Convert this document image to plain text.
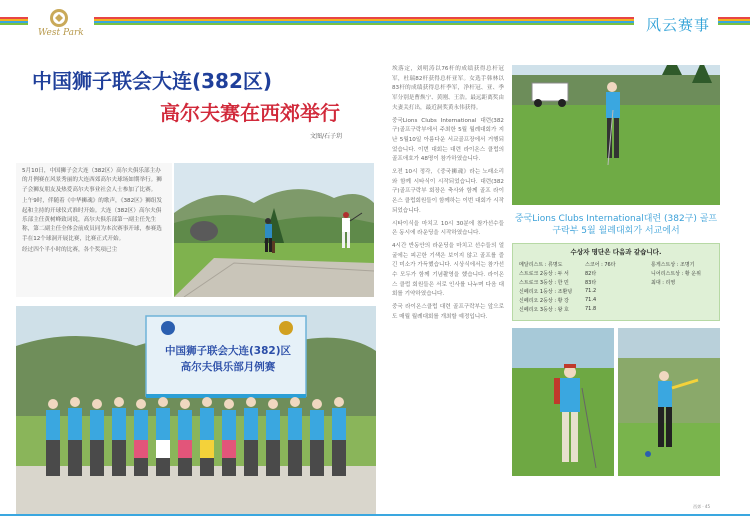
West Park	风云赛事
中国狮子联会大连(382区)
高尔夫赛在西郊举行
文图/石子玥

5月10日，中国狮子会大连（382区）高尔夫俱乐部主办的月例赛在风景秀丽的大连西郊高尔夫球场如期举行。狮子会狮友朋友及热爱高尔夫事业社会人士参加了比赛。

上午9时，伴随着《中华狮魂》的歌声，《382区》狮组发起和主持的开球仪式准时开始。大连（382区）高尔夫俱乐部主任黄树峰致词说，高尔夫俱乐部第一副主任先生称，第二副主任全体会前成员同为本次赛事开球，参赛选手在12个球洞开展比赛，比赛正式开始。

经过四个半小时的比赛，各个奖项已尘

中国狮子联会大连(382)区
高尔夫俱乐部月例赛

埃落定，刘明涛以76杆的成绩获得总杆冠军，杜瑞82杆获得总杆亚军。女选手韩林以83杆的成绩获得总杆季军，净杆冠、亚、季军分别是曹焕宁、黄刚、王浩。最远距离奖由夫妻关打出，最近洞奖黄永伟获得。

중국Lions Clubs International 대련(382구)골프구락부에서 주최한 5월 월례대회가 지난 5월10일 아름다운 서교골프장에서 거행되었습니다. 이번 대회는 대련 라이온스 클럽의 골프애호가 48명이 참가하였습니다.

오전 10시 정각, 《중국狮魂》라는 노래소리와 함께 시타식이 시작되었습니다. 대련(382구)골프구락부 회장은 축사와 함께 골프 라이온스 클럽회원들이 함께하는 이번 대회가 시작되었습니다.

시타이식을 마치고 10시 30분에 참가선수들은 동시에 라운딩을 시작하였습니다.

4시간 반동안의 라운딩을 마치고 선수들의 얼굴에는 피곤한 기색은 보이지 않고 골프를 즐긴 미소가 가득했습니다. 시상식에서는 참가선수 모두가 함께 기념촬영을 했습니다. 라이온스 클럽 회원들은 서로 인사를 나누며 다음 대회를 기약하였습니다.

중국 라이온스클럽 대련 골프구락부는 앞으로도 매월 월례대회를 개최할 예정입니다.

중국Lions Clubs International대련 (382구) 골프구락부 5월 월례대회가 서교에서
수상자 명단은 다음과 같습니다.
메달리스트 : 류명도	스코어 : 76타	롱게스트상 : 조명기
스트로크 2등상 : 두 서	82타	니어리스트상 : 황 운위
스트로크 3등상 : 한 민	83타	최대 : 리영
신페리오 1등상 : 조환녕	71.2
신페리오 2등상 : 황 강	71.4
신페리오 3등상 : 왕 호	71.8
西郊 · 45
